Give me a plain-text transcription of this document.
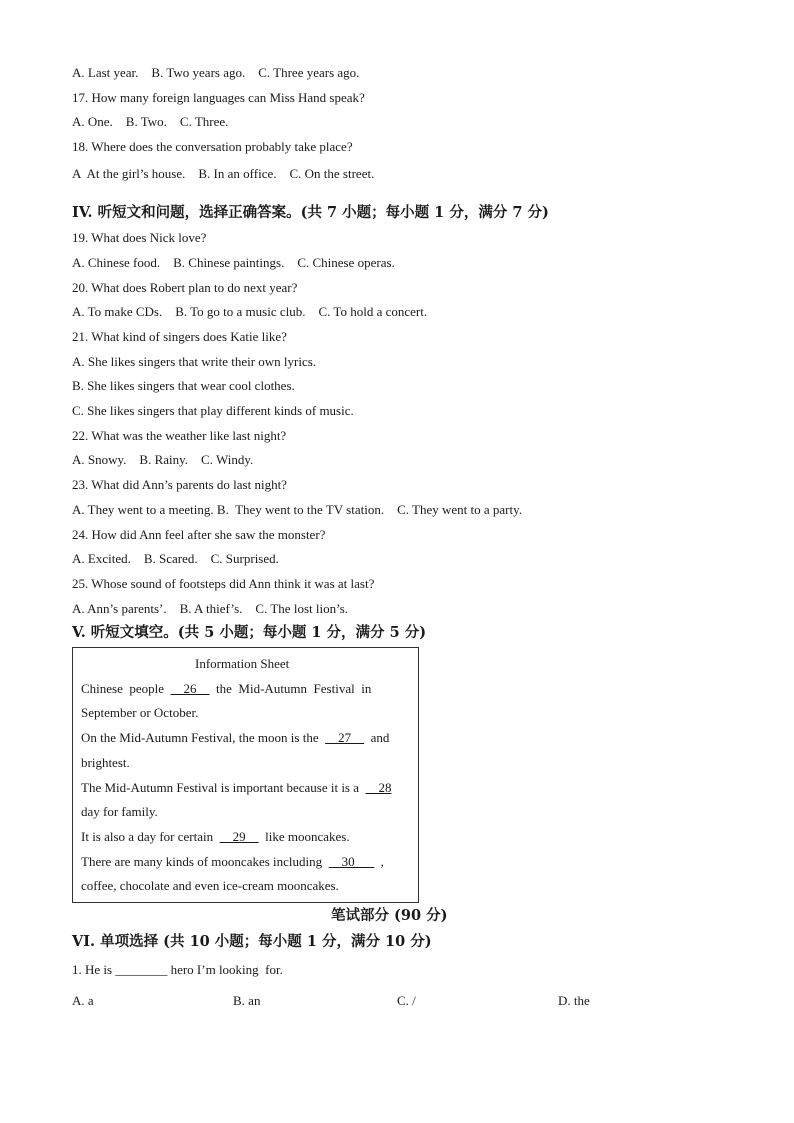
A. Last year.    B. Two years ago.    C. Three years ago.
17. How many foreign languages can Miss Hand speak?
A. One.    B. Two.    C. Three.
18. Where does the conversation probably take place?
A  At the girl’s house.    B. In an office.    C. On the street.
IV. 听短文和问题，选择正确答案。(共 7 小题；每小题 1 分，满分 7 分)
19. What does Nick love?
A. Chinese food.    B. Chinese paintings.    C. Chinese operas.
20. What does Robert plan to do next year?
A. To make CDs.    B. To go to a music club.    C. To hold a concert.
21. What kind of singers does Katie like?
A. She likes singers that write their own lyrics.
B. She likes singers that wear cool clothes.
C. She likes singers that play different kinds of music.
22. What was the weather like last night?
A. Snowy.    B. Rainy.    C. Windy.
23. What did Ann’s parents do last night?
A. They went to a meeting. B.  They went to the TV station.    C. They went to a party.
24. How did Ann feel after she saw the monster?
A. Excited.    B. Scared.    C. Surprised.
25. Whose sound of footsteps did Ann think it was at last?
A. Ann’s parents’.    B. A thief’s.    C. The lost lion’s.
V. 听短文填空。(共 5 小题；每小题 1 分，满分 5 分)
Information Sheet
Chinese  people      26      the  Mid-Autumn  Festival  in
September or October.
On the Mid-Autumn Festival, the moon is the      27      and
brightest.
The Mid-Autumn Festival is important because it is a      28
day for family.
It is also a day for certain      29      like mooncakes.
There are many kinds of mooncakes including      30        ,
coffee, chocolate and even ice-cream mooncakes.
笔试部分 (90 分)
VI. 单项选择 (共 10 小题；每小题 1 分，满分 10 分)
1. He is ________ hero I’m looking  for.
A. a	B. an	C. /	D. the
